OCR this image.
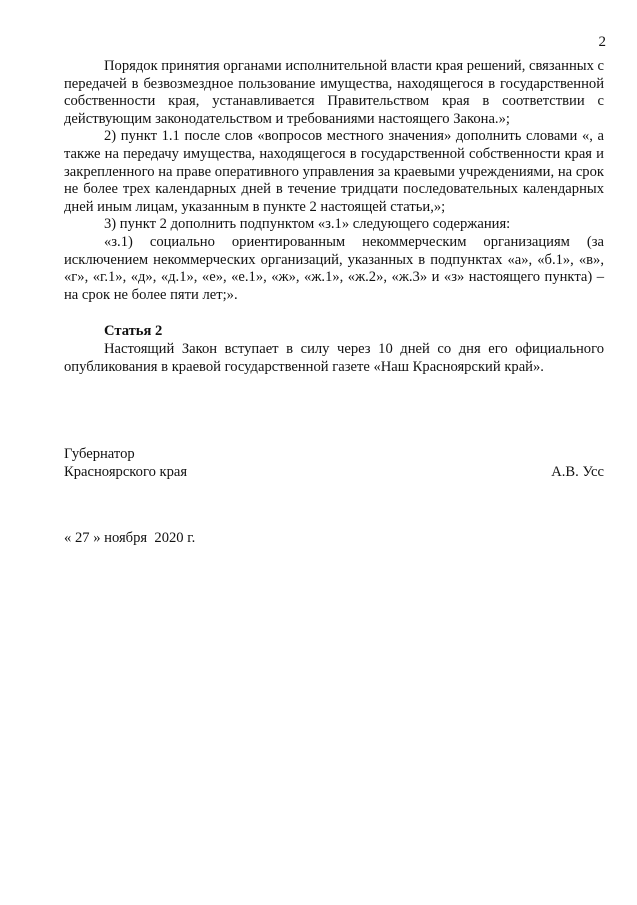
2

Порядок принятия органами исполнительной власти края решений, связанных с передачей в безвозмездное пользование имущества, находящегося в государственной собственности края, устанавливается Правительством края в соответствии с действующим законодательством и требованиями настоящего Закона.»;

2) пункт 1.1 после слов «вопросов местного значения» дополнить словами «, а также на передачу имущества, находящегося в государственной собственности края и закрепленного на праве оперативного управления за краевыми учреждениями, на срок не более трех календарных дней в течение тридцати последовательных календарных дней иным лицам, указанным в пункте 2 настоящей статьи,»;

3) пункт 2 дополнить подпунктом «з.1» следующего содержания:

«з.1) социально ориентированным некоммерческим организациям (за исключением некоммерческих организаций, указанных в подпунктах «а», «б.1», «в», «г», «г.1», «д», «д.1», «е», «е.1», «ж», «ж.1», «ж.2», «ж.3» и «з» настоящего пункта) – на срок не более пяти лет;».

Статья 2

Настоящий Закон вступает в силу через 10 дней со дня его официального опубликования в краевой государственной газете «Наш Красноярский край».

Губернатор
Красноярского края	А.В. Усс
« 27 » ноября  2020 г.
